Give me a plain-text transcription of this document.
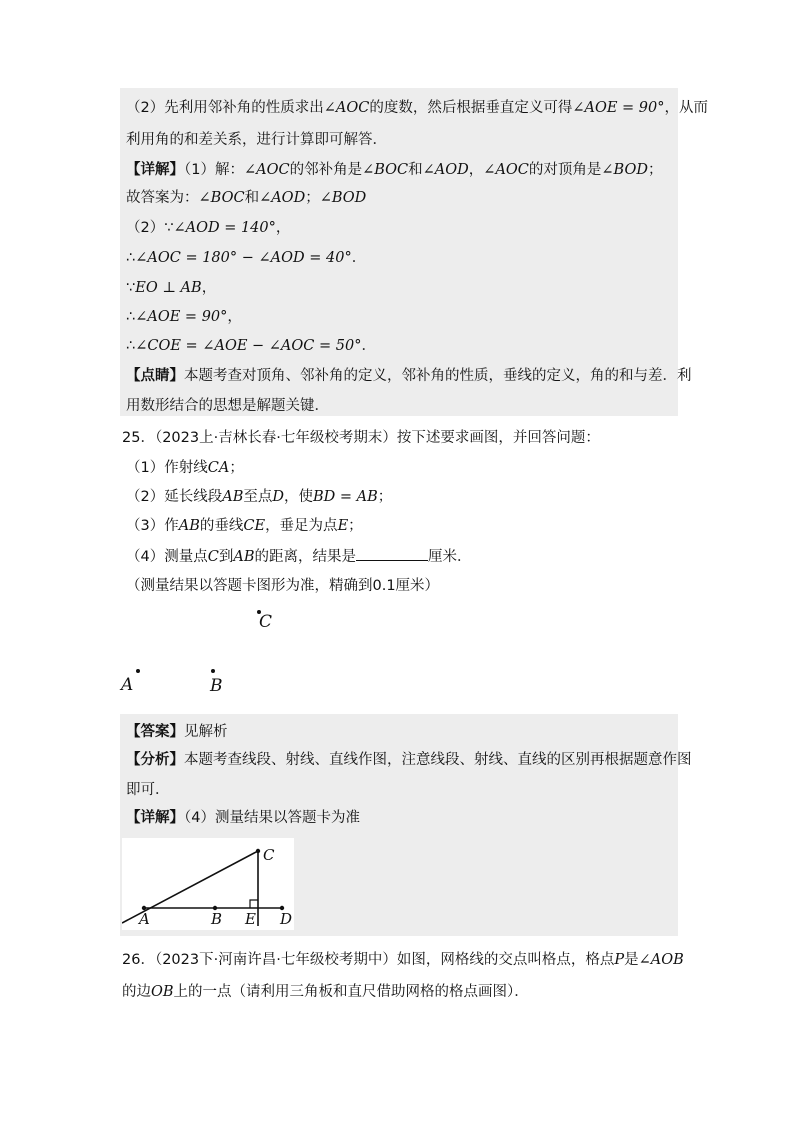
（2）先利用邻补角的性质求出∠AOC的度数，然后根据垂直定义可得∠AOE = 90°，从而
利用角的和差关系，进行计算即可解答．
【详解】（1）解：∠AOC的邻补角是∠BOC和∠AOD，∠AOC的对顶角是∠BOD；
故答案为：∠BOC和∠AOD；∠BOD
（2）∵∠AOD = 140°，
∴∠AOC = 180° − ∠AOD = 40°．
∵EO ⊥ AB，
∴∠AOE = 90°，
∴∠COE = ∠AOE − ∠AOC = 50°．
【点睛】本题考查对顶角、邻补角的定义，邻补角的性质，垂线的定义，角的和与差．利
用数形结合的思想是解题关键．
25．（2023上·吉林长春·七年级校考期末）按下述要求画图，并回答问题：
（1）作射线CA；
（2）延长线段AB至点D，使BD = AB；
（3）作AB的垂线CE，垂足为点E；
（4）测量点C到AB的距离，结果是	厘米．
（测量结果以答题卡图形为准，精确到0.1厘米）
C
A	B
【答案】见解析
【分析】本题考查线段、射线、直线作图，注意线段、射线、直线的区别再根据题意作图
即可．
【详解】（4）测量结果以答题卡为准
A	B E D
C
26．（2023下·河南许昌·七年级校考期中）如图，网格线的交点叫格点，格点P是∠AOB
的边OB上的一点（请利用三角板和直尺借助网格的格点画图）．
